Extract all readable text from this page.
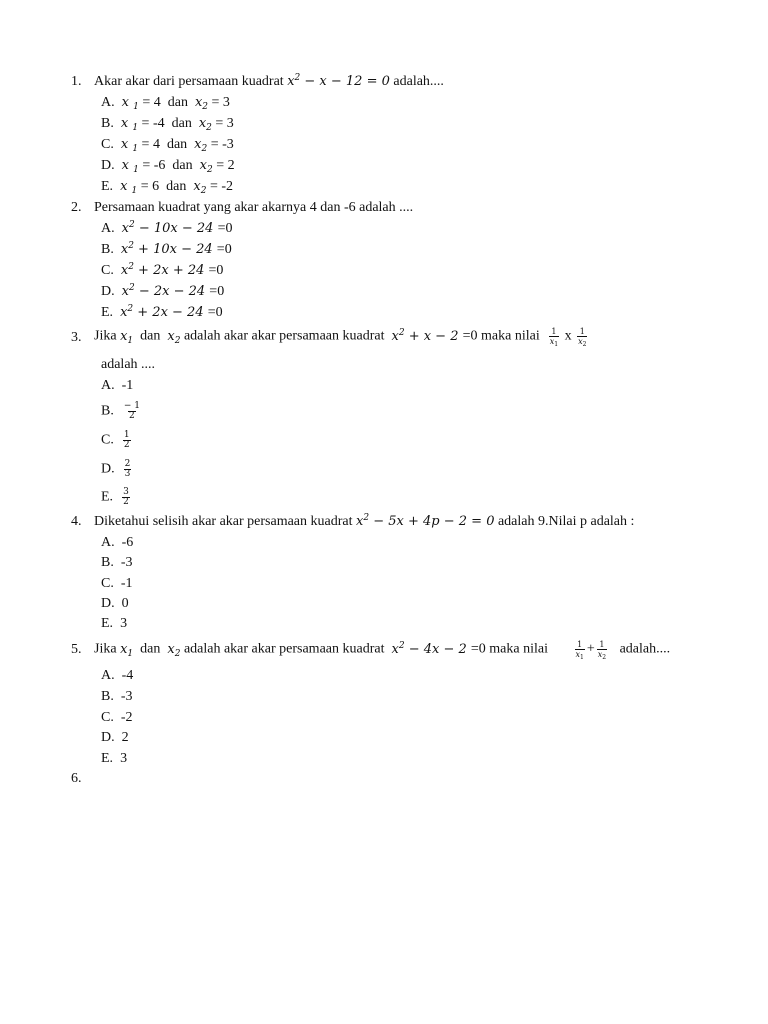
1. Akar akar dari persamaan kuadrat $x^2 - x - 12 = 0$ adalah....
A. x $_1$ = 4 dan $x_2 = 3$
B. x $_1$ = -4 dan $x_2 = 3$
C. x $_1$ = 4 dan $x_2 = -3$
D. x $_1$ = -6 dan $x_2 = 2$
E. x $_1$ = 6 dan $x_2 = -2$
2. Persamaan kuadrat yang akar akarnya 4 dan -6 adalah ....
A. $x^2 - 10x - 24 =0$
B. $x^2 + 10x - 24 =0$
C. $x^2 + 2x + 24 =0$
D. $x^2 - 2x - 24 =0$
E. $x^2 + 2x - 24 =0$
3. Jika $x_1$ dan $x_2$ adalah akar akar persamaan kuadrat $x^2 + x - 2 =0$ maka nilai $\frac{1}{x_1}$ x $\frac{1}{x_2}$
adalah ....
A. -1
B. $\frac{- 1}{2}$
C. $\frac{1}{2}$
D. $\frac{2}{3}$
E. $\frac{3}{2}$
4. Diketahui selisih akar akar persamaan kuadrat $x^2 - 5x + 4p - 2 = 0$ adalah 9.Nilai p adalah :
A. -6
B. -3
C. -1
D. 0
E. 3
5. Jika $x_1$ dan $x_2$ adalah akar akar persamaan kuadrat $x^2 - 4x - 2 =0$ maka nilai	$\frac{1}{x_1} + \frac{1}{x_2}$ adalah....
A. -4
B. -3
C. -2
D. 2
E. 3
6.
